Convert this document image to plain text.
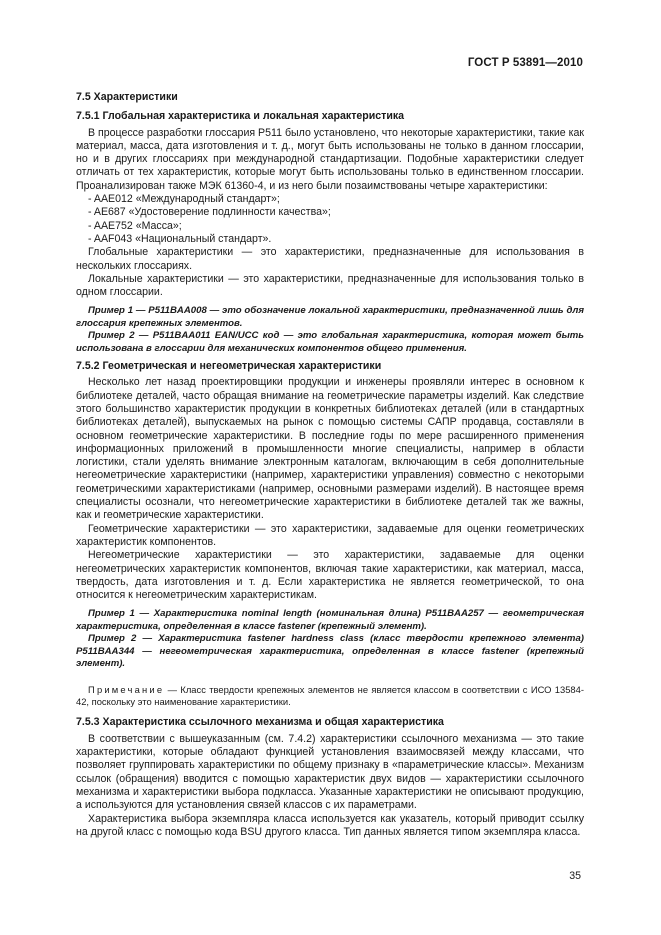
ГОСТ Р 53891—2010
7.5 Характеристики
7.5.1 Глобальная характеристика и локальная характеристика

В процессе разработки глоссария P511 было установлено, что некоторые характеристики, такие как материал, масса, дата изготовления и т. д., могут быть использованы не только в данном глоссарии, но и в других глоссариях при международной стандартизации. Подобные характеристики следует отличать от тех характеристик, которые могут быть использованы только в единственном глоссарии. Проанализирован также МЭК 61360-4, и из него были позаимствованы четыре характеристики:

- AAE012 «Международный стандарт»;

- AE687 «Удостоверение подлинности качества»;

- AAE752 «Масса»;

- AAF043 «Национальный стандарт».

Глобальные характеристики — это характеристики, предназначенные для использования в нескольких глоссариях.

Локальные характеристики — это характеристики, предназначенные для использования только в одном глоссарии.

Пример 1 — P511BAA008 — это обозначение локальной характеристики, предназначенной лишь для глоссария крепежных элементов.

Пример 2 — P511BAA011 EAN/UCC код — это глобальная характеристика, которая может быть использована в глоссарии для механических компонентов общего применения.

7.5.2 Геометрическая и негеометрическая характеристики

Несколько лет назад проектировщики продукции и инженеры проявляли интерес в основном к библиотеке деталей, часто обращая внимание на геометрические параметры изделий. Как следствие этого большинство характеристик продукции в конкретных библиотеках деталей (или в стандартных библиотеках деталей), выпускаемых на рынок с помощью системы САПР продавца, составляли в основном геометрические характеристики. В последние годы по мере расширенного применения информационных приложений в промышленности многие специалисты, например в области логистики, стали уделять внимание электронным каталогам, включающим в себя дополнительные негеометрические характеристики (например, характеристики управления) совместно с некоторыми геометрическими характеристиками (например, основными размерами изделий). В настоящее время специалисты осознали, что негеометрические характеристики в библиотеке деталей так же важны, как и геометрические характеристики.

Геометрические характеристики — это характеристики, задаваемые для оценки геометрических характеристик компонентов.

Негеометрические характеристики — это характеристики, задаваемые для оценки негеометрических характеристик компонентов, включая такие характеристики, как материал, масса, твердость, дата изготовления и т. д. Если характеристика не является геометрической, то она относится к негеометрическим характеристикам.

Пример 1 — Характеристика nominal length (номинальная длина) P511BAA257 — геометрическая характеристика, определенная в классе fastener (крепежный элемент).

Пример 2 — Характеристика fastener hardness class (класс твердости крепежного элемента) P511BAA344 — негеометрическая характеристика, определенная в классе fastener (крепежный элемент).

Примечание — Класс твердости крепежных элементов не является классом в соответствии с ИСО 13584-42, поскольку это наименование характеристики.

7.5.3 Характеристика ссылочного механизма и общая характеристика

В соответствии с вышеуказанным (см. 7.4.2) характеристики ссылочного механизма — это такие характеристики, которые обладают функцией установления взаимосвязей между классами, что позволяет группировать характеристики по общему признаку в «параметрические классы». Механизм ссылок (обращения) вводится с помощью характеристик двух видов — характеристики ссылочного механизма и характеристики выбора подкласса. Указанные характеристики не описывают продукцию, а используются для установления связей классов с их параметрами.

Характеристика выбора экземпляра класса используется как указатель, который приводит ссылку на другой класс с помощью кода BSU другого класса. Тип данных является типом экземпляра класса.

35
